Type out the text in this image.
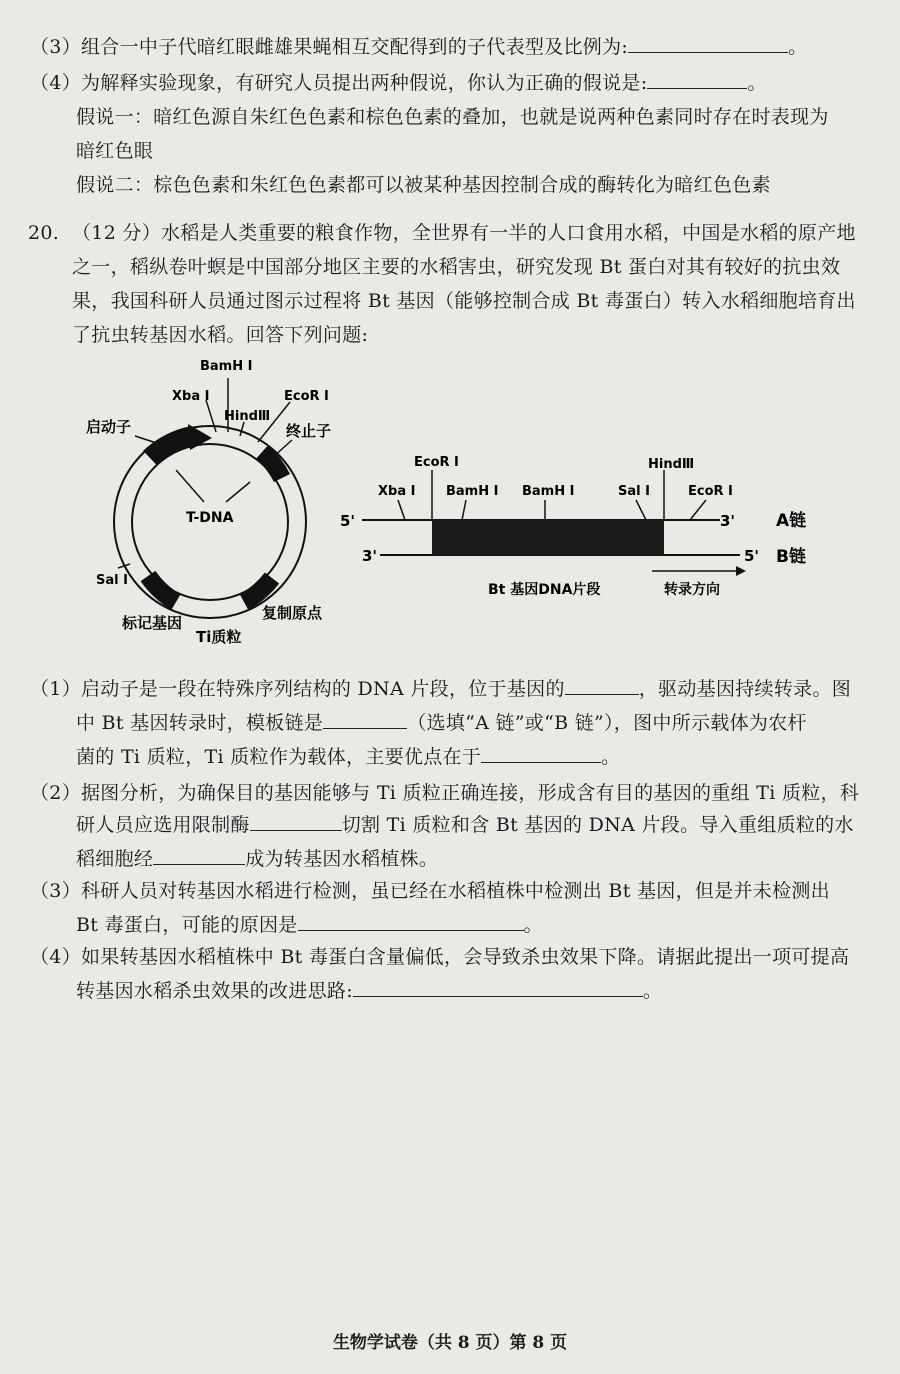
（3）组合一中子代暗红眼雌雄果蝇相互交配得到的子代表型及比例为:	。
（4）为解释实验现象，有研究人员提出两种假说，你认为正确的假说是:	。
假说一：暗红色源自朱红色色素和棕色色素的叠加，也就是说两种色素同时存在时表现为
暗红色眼
假说二：棕色色素和朱红色色素都可以被某种基因控制合成的酶转化为暗红色色素
20. （12 分）水稻是人类重要的粮食作物，全世界有一半的人口食用水稻，中国是水稻的原产地
之一，稻纵卷叶螟是中国部分地区主要的水稻害虫，研究发现 Bt 蛋白对其有较好的抗虫效
果，我国科研人员通过图示过程将 Bt 基因（能够控制合成 Bt 毒蛋白）转入水稻细胞培育出
了抗虫转基因水稻。回答下列问题:
BamH I
Xba I
HindⅢ
EcoR I
启动子	终止子
T-DNA
Sal I
标记基因
复制原点
Ti质粒
EcoR I
Xba I BamH I BamH I
HindⅢ
Sal I	EcoR I
5'	3'
3'	5'
A链
B链
转录方向
Bt 基因DNA片段
（1）启动子是一段在特殊序列结构的 DNA 片段，位于基因的	，驱动基因持续转录。图
中 Bt 基因转录时，模板链是	（选填“A 链”或“B 链”），图中所示载体为农杆
菌的 Ti 质粒，Ti 质粒作为载体，主要优点在于	。
（2）据图分析，为确保目的基因能够与 Ti 质粒正确连接，形成含有目的基因的重组 Ti 质粒，科
研人员应选用限制酶	切割 Ti 质粒和含 Bt 基因的 DNA 片段。导入重组质粒的水
稻细胞经	成为转基因水稻植株。
（3）科研人员对转基因水稻进行检测，虽已经在水稻植株中检测出 Bt 基因，但是并未检测出
Bt 毒蛋白，可能的原因是	。
（4）如果转基因水稻植株中 Bt 毒蛋白含量偏低，会导致杀虫效果下降。请据此提出一项可提高
转基因水稻杀虫效果的改进思路:	。
生物学试卷（共 8 页）第 8 页
